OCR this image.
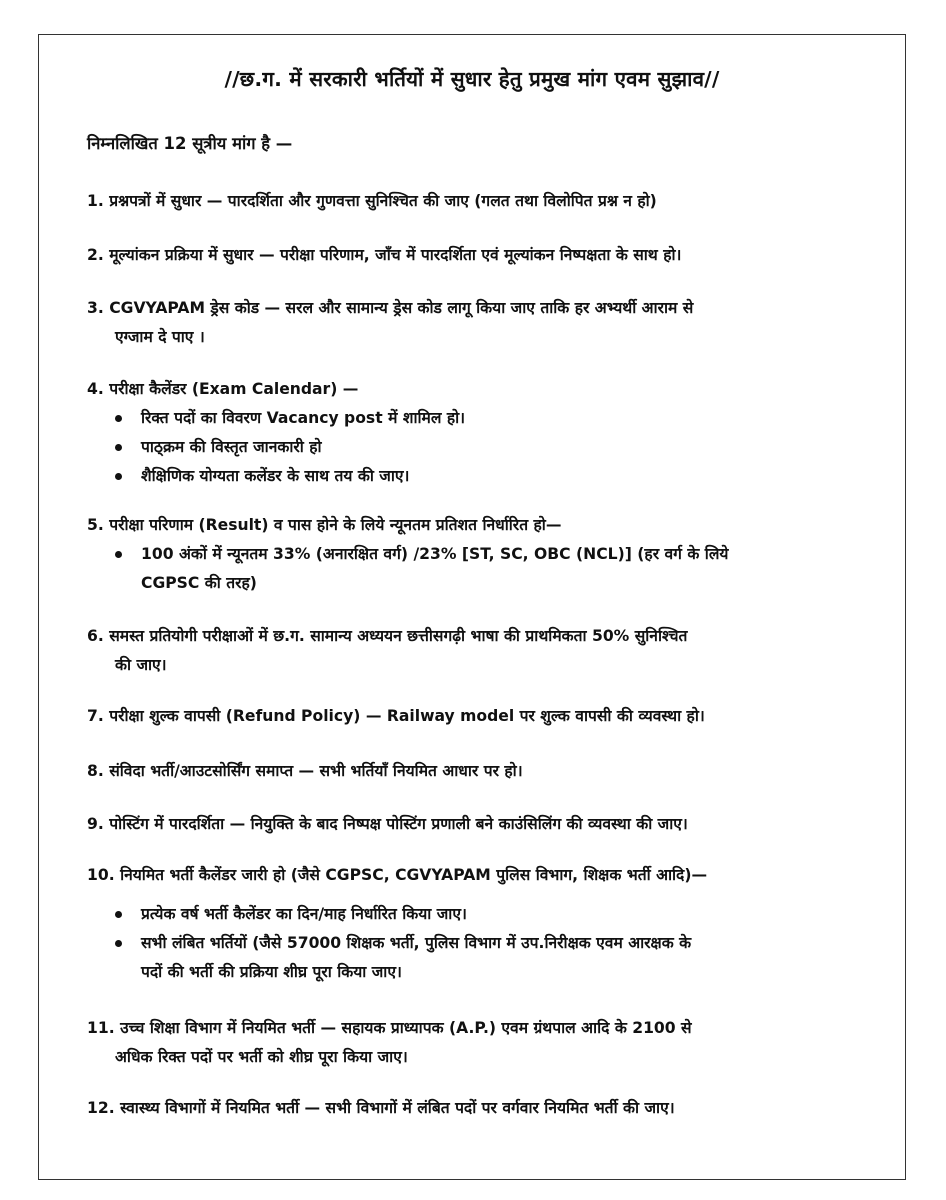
//छ.ग. में सरकारी भर्तियों में सुधार हेतु प्रमुख मांग एवम सुझाव//
निम्नलिखित 12 सूत्रीय मांग है —
1. प्रश्नपत्रों में सुधार — पारदर्शिता और गुणवत्ता सुनिश्चित की जाए (गलत तथा विलोपित प्रश्न न हो)
2. मूल्यांकन प्रक्रिया में सुधार — परीक्षा परिणाम, जाँच में पारदर्शिता एवं मूल्यांकन निष्पक्षता के साथ हो।
3. CGVYAPAM ड्रेस कोड — सरल और सामान्य ड्रेस कोड लागू किया जाए ताकि हर अभ्यर्थी आराम से
एग्जाम दे पाए ।
4. परीक्षा कैलेंडर (Exam Calendar) —
रिक्त पदों का विवरण Vacancy post में शामिल हो।
पाठ्क्रम की विस्तृत जानकारी हो
शैक्षिणिक योग्यता कलेंडर के साथ तय की जाए।
5. परीक्षा परिणाम (Result) व पास होने के लिये न्यूनतम प्रतिशत निर्धारित हो—
100 अंकों में न्यूनतम 33% (अनारक्षित वर्ग) /23% [ST, SC, OBC (NCL)] (हर वर्ग के लिये
CGPSC की तरह)
6. समस्त प्रतियोगी परीक्षाओं में छ.ग. सामान्य अध्ययन छत्तीसगढ़ी भाषा की प्राथमिकता 50% सुनिश्चित
की जाए।
7. परीक्षा शुल्क वापसी (Refund Policy) — Railway model पर शुल्क वापसी की व्यवस्था हो।
8. संविदा भर्ती/आउटसोर्सिंग समाप्त — सभी भर्तियाँ नियमित आधार पर हो।
9. पोस्टिंग में पारदर्शिता — नियुक्ति के बाद निष्पक्ष पोस्टिंग प्रणाली बने काउंसिलिंग की व्यवस्था की जाए।
10. नियमित भर्ती कैलेंडर जारी हो (जैसे CGPSC, CGVYAPAM पुलिस विभाग, शिक्षक भर्ती आदि)—
प्रत्येक वर्ष भर्ती कैलेंडर का दिन/माह निर्धारित किया जाए।
सभी लंबित भर्तियों (जैसे 57000 शिक्षक भर्ती, पुलिस विभाग में उप.निरीक्षक एवम आरक्षक के
पदों की भर्ती की प्रक्रिया शीघ्र पूरा किया जाए।
11. उच्च शिक्षा विभाग में नियमित भर्ती — सहायक प्राध्यापक (A.P.) एवम ग्रंथपाल आदि के 2100 से
अधिक रिक्त पदों पर भर्ती को शीघ्र पूरा किया जाए।
12. स्वास्थ्य विभागों में नियमित भर्ती — सभी विभागों में लंबित पदों पर वर्गवार नियमित भर्ती की जाए।
